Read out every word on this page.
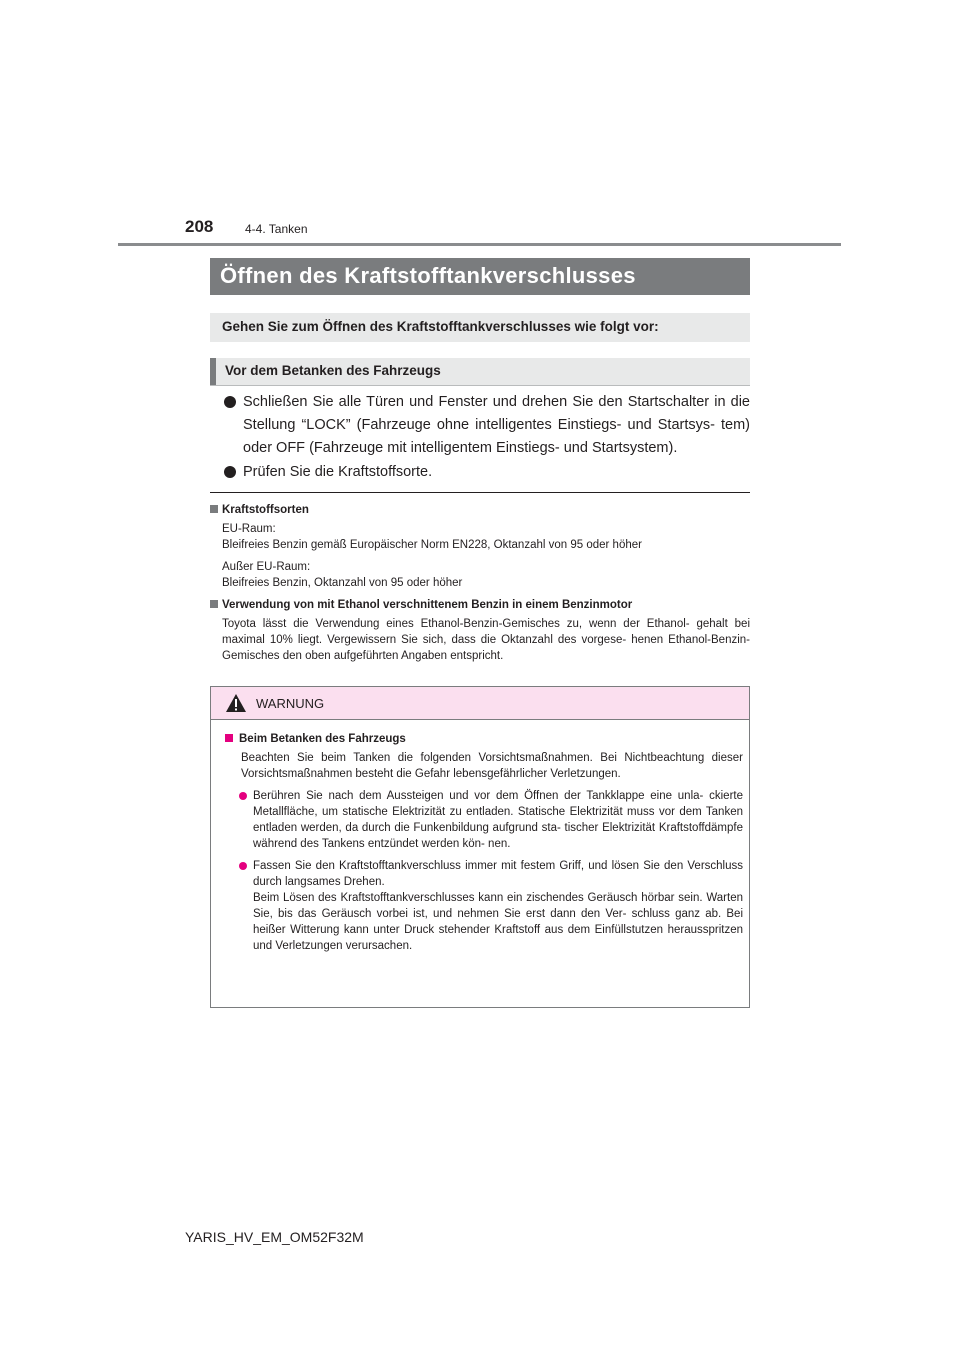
208	4-4. Tanken
Öffnen des Kraftstofftankverschlusses
Gehen Sie zum Öffnen des Kraftstofftankverschlusses wie folgt vor:
Vor dem Betanken des Fahrzeugs
Schließen Sie alle Türen und Fenster und drehen Sie den Startschalter in die Stellung “LOCK” (Fahrzeuge ohne intelligentes Einstiegs- und Startsys- tem) oder OFF (Fahrzeuge mit intelligentem Einstiegs- und Startsystem).
Prüfen Sie die Kraftstoffsorte.
Kraftstoffsorten

EU-Raum:
Bleifreies Benzin gemäß Europäischer Norm EN228, Oktanzahl von 95 oder höher

Außer EU-Raum:
Bleifreies Benzin, Oktanzahl von 95 oder höher

Verwendung von mit Ethanol verschnittenem Benzin in einem Benzinmotor

Toyota lässt die Verwendung eines Ethanol-Benzin-Gemisches zu, wenn der Ethanol- gehalt bei maximal 10% liegt. Vergewissern Sie sich, dass die Oktanzahl des vorgese- henen Ethanol-Benzin-Gemisches den oben aufgeführten Angaben entspricht.

WARNUNG
Beim Betanken des Fahrzeugs
Beachten Sie beim Tanken die folgenden Vorsichtsmaßnahmen. Bei Nichtbeachtung dieser Vorsichtsmaßnahmen besteht die Gefahr lebensgefährlicher Verletzungen.
Berühren Sie nach dem Aussteigen und vor dem Öffnen der Tankklappe eine unla- ckierte Metallfläche, um statische Elektrizität zu entladen. Statische Elektrizität muss vor dem Tanken entladen werden, da durch die Funkenbildung aufgrund sta- tischer Elektrizität Kraftstoffdämpfe während des Tankens entzündet werden kön- nen.
Fassen Sie den Kraftstofftankverschluss immer mit festem Griff, und lösen Sie den Verschluss durch langsames Drehen.
Beim Lösen des Kraftstofftankverschlusses kann ein zischendes Geräusch hörbar sein. Warten Sie, bis das Geräusch vorbei ist, und nehmen Sie erst dann den Ver- schluss ganz ab. Bei heißer Witterung kann unter Druck stehender Kraftstoff aus dem Einfüllstutzen herausspritzen und Verletzungen verursachen.
YARIS_HV_EM_OM52F32M
